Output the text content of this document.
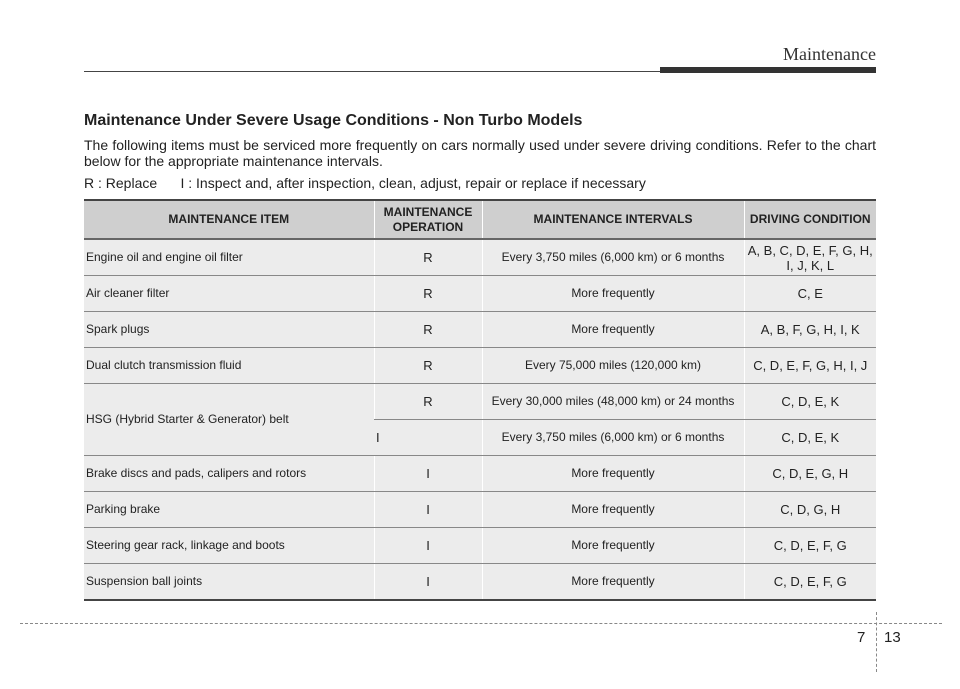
Maintenance
Maintenance Under Severe Usage Conditions - Non Turbo Models
The following items must be serviced more frequently on cars normally used under severe driving conditions. Refer to the chart below for the appropriate maintenance intervals.
R : Replace      I : Inspect and, after inspection, clean, adjust, repair or replace if necessary
MAINTENANCE ITEM	MAINTENANCE OPERATION	MAINTENANCE INTERVALS	DRIVING CONDITION
Engine oil and engine oil filter	R	Every 3,750 miles (6,000 km) or 6 months	A, B, C, D, E, F, G, H, I, J, K, L
Air cleaner filter	R	More frequently	C, E
Spark plugs	R	More frequently	A, B, F, G, H, I, K
Dual clutch transmission fluid	R	Every 75,000 miles (120,000 km)	C, D, E, F, G, H, I, J
HSG (Hybrid Starter & Generator) belt	R	Every 30,000 miles (48,000 km) or 24 months	C, D, E, K
	I	Every 3,750 miles (6,000 km) or 6 months	C, D, E, K
Brake discs and pads, calipers and rotors	I	More frequently	C, D, E, G, H
Parking brake	I	More frequently	C, D, G, H
Steering gear rack, linkage and boots	I	More frequently	C, D, E, F, G
Suspension ball joints	I	More frequently	C, D, E, F, G
7 13
